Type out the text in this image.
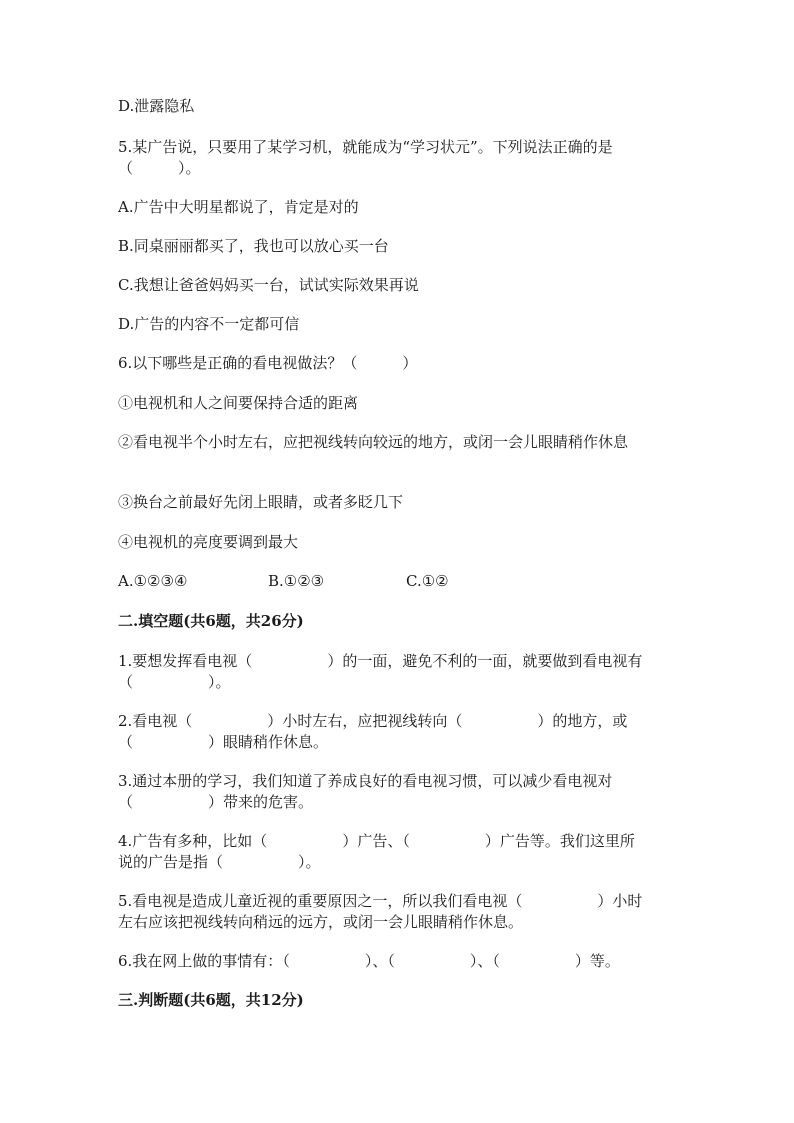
D.泄露隐私
5.某广告说，只要用了某学习机，就能成为“学习状元”。下列说法正确的是
（　　　）。
A.广告中大明星都说了，肯定是对的
B.同桌丽丽都买了，我也可以放心买一台
C.我想让爸爸妈妈买一台，试试实际效果再说
D.广告的内容不一定都可信
6.以下哪些是正确的看电视做法？（　　　）
①电视机和人之间要保持合适的距离
②看电视半个小时左右，应把视线转向较远的地方，或闭一会儿眼睛稍作休息
③换台之前最好先闭上眼睛，或者多眨几下
④电视机的亮度要调到最大
A.①②③④	B.①②③	C.①②
二.填空题(共6题，共26分)
1.要想发挥看电视（　　　　　）的一面，避免不利的一面，就要做到看电视有
（　　　　　）。
2.看电视（　　　　　）小时左右，应把视线转向（　　　　　）的地方，或
（　　　　　）眼睛稍作休息。
3.通过本册的学习，我们知道了养成良好的看电视习惯，可以减少看电视对
（　　　　　）带来的危害。
4.广告有多种，比如（　　　　　）广告、（　　　　　）广告等。我们这里所
说的广告是指（　　　　　）。
5.看电视是造成儿童近视的重要原因之一，所以我们看电视（　　　　　）小时
左右应该把视线转向稍远的远方，或闭一会儿眼睛稍作休息。
6.我在网上做的事情有：（　　　　　）、（　　　　　）、（　　　　　）等。
三.判断题(共6题，共12分)
